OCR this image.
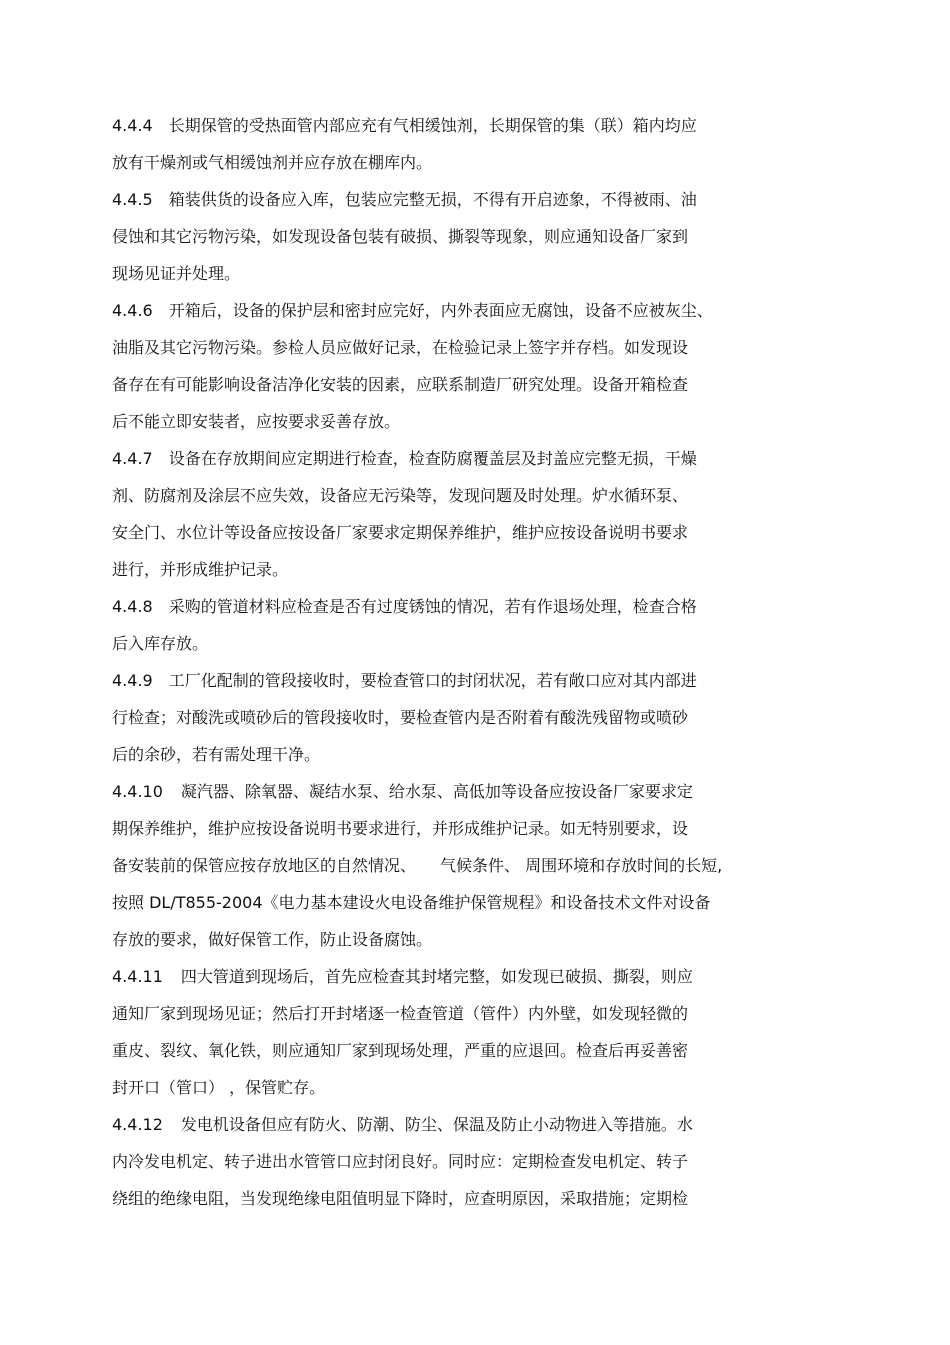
4.4.4 长期保管的受热面管内部应充有气相缓蚀剂，长期保管的集（联）箱内均应
放有干燥剂或气相缓蚀剂并应存放在棚库内。
4.4.5 箱装供货的设备应入库，包装应完整无损，不得有开启迹象，不得被雨、油
侵蚀和其它污物污染，如发现设备包装有破损、撕裂等现象，则应通知设备厂家到
现场见证并处理。
4.4.6 开箱后，设备的保护层和密封应完好，内外表面应无腐蚀，设备不应被灰尘、
油脂及其它污物污染。参检人员应做好记录，在检验记录上签字并存档。如发现设
备存在有可能影响设备洁净化安装的因素，应联系制造厂研究处理。设备开箱检查
后不能立即安装者，应按要求妥善存放。
4.4.7 设备在存放期间应定期进行检查，检查防腐覆盖层及封盖应完整无损，干燥
剂、防腐剂及涂层不应失效，设备应无污染等，发现问题及时处理。炉水循环泵、
安全门、水位计等设备应按设备厂家要求定期保养维护，维护应按设备说明书要求
进行，并形成维护记录。
4.4.8 采购的管道材料应检查是否有过度锈蚀的情况，若有作退场处理，检查合格
后入库存放。
4.4.9 工厂化配制的管段接收时，要检查管口的封闭状况，若有敞口应对其内部进
行检查；对酸洗或喷砂后的管段接收时，要检查管内是否附着有酸洗残留物或喷砂
后的余砂，若有需处理干净。
4.4.10 凝汽器、除氧器、凝结水泵、给水泵、高低加等设备应按设备厂家要求定
期保养维护，维护应按设备说明书要求进行，并形成维护记录。如无特别要求，设
备安装前的保管应按存放地区的自然情况、　　气候条件、 周围环境和存放时间的长短,
按照 DL/T855-2004《电力基本建设火电设备维护保管规程》和设备技术文件对设备
存放的要求，做好保管工作，防止设备腐蚀。
4.4.11 四大管道到现场后，首先应检查其封堵完整，如发现已破损、撕裂，则应
通知厂家到现场见证；然后打开封堵逐一检查管道（管件）内外壁，如发现轻微的
重皮、裂纹、氧化铁，则应通知厂家到现场处理，严重的应退回。检查后再妥善密
封开口（管口） ，保管贮存。
4.4.12 发电机设备但应有防火、防潮、防尘、保温及防止小动物进入等措施。水
内冷发电机定、转子进出水管管口应封闭良好。同时应：定期检查发电机定、转子
绕组的绝缘电阻，当发现绝缘电阻值明显下降时，应查明原因，采取措施；定期检
